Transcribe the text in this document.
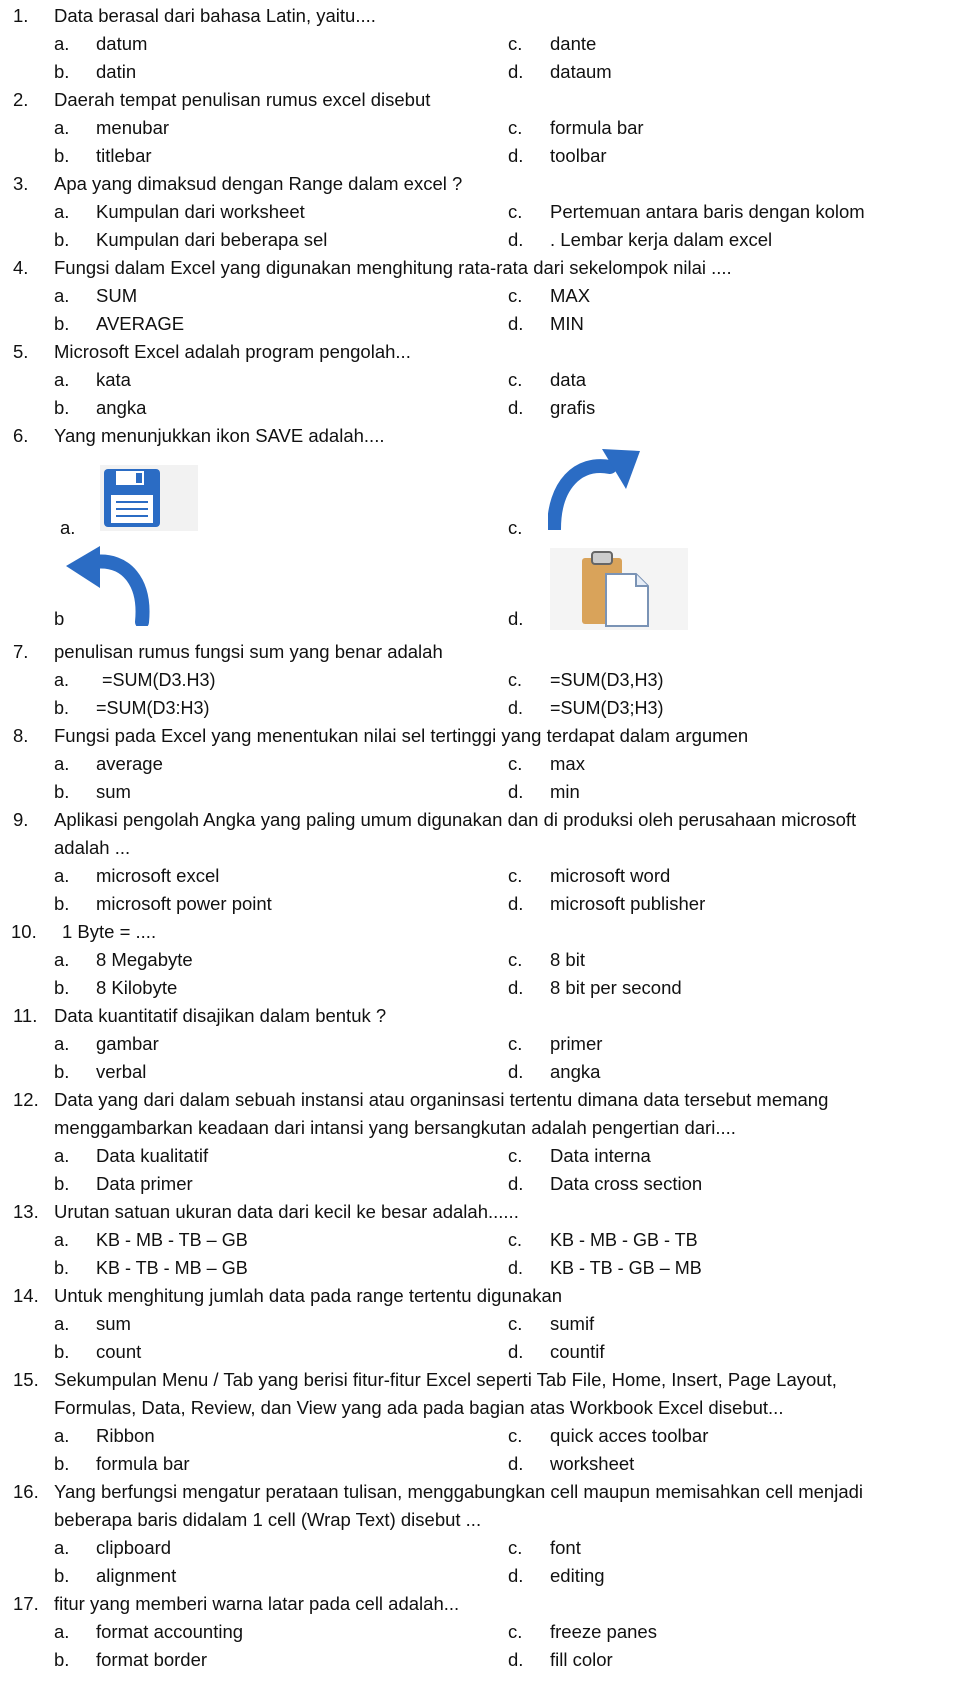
1. Data berasal dari bahasa Latin, yaitu....
a. datum	c. dante
b. datin	d. dataum
2. Daerah tempat penulisan rumus excel disebut
a. menubar	c. formula bar
b. titlebar	d. toolbar
3. Apa yang dimaksud dengan Range dalam excel ?
a. Kumpulan dari worksheet	c. Pertemuan antara baris dengan kolom
b. Kumpulan dari beberapa sel	d. . Lembar kerja dalam excel
4. Fungsi dalam Excel yang digunakan menghitung rata-rata dari sekelompok nilai ....
a. SUM	c. MAX
b. AVERAGE	d. MIN
5. Microsoft Excel adalah program pengolah...
a. kata	c. data
b. angka	d. grafis
6. Yang menunjukkan ikon SAVE adalah....
a.	c.
b	d.
7. penulisan rumus fungsi sum yang benar adalah
a. =SUM(D3.H3)	c. =SUM(D3,H3)
b. =SUM(D3:H3)	d. =SUM(D3;H3)
8. Fungsi pada Excel yang menentukan nilai sel tertinggi yang terdapat dalam argumen
a. average	c. max
b. sum	d. min
9. Aplikasi pengolah Angka yang paling umum digunakan dan di produksi oleh perusahaan microsoft
adalah ...
a. microsoft excel	c. microsoft word
b. microsoft power point	d. microsoft publisher
10. 1 Byte = ....
a. 8 Megabyte	c. 8 bit
b. 8 Kilobyte	d. 8 bit per second
11. Data kuantitatif disajikan dalam bentuk ?
a. gambar	c. primer
b. verbal	d. angka
12. Data yang dari dalam sebuah instansi atau organinsasi tertentu dimana data tersebut memang
menggambarkan keadaan dari intansi yang bersangkutan adalah pengertian dari....
a. Data kualitatif	c. Data interna
b. Data primer	d. Data cross section
13. Urutan satuan ukuran data dari kecil ke besar adalah......
a. KB - MB - TB – GB	c. KB - MB - GB - TB
b. KB - TB - MB – GB	d. KB - TB - GB – MB
14. Untuk menghitung jumlah data pada range tertentu digunakan
a. sum	c. sumif
b. count	d. countif
15. Sekumpulan Menu / Tab yang berisi fitur-fitur Excel seperti Tab File, Home, Insert, Page Layout,
Formulas, Data, Review, dan View yang ada pada bagian atas Workbook Excel disebut...
a. Ribbon	c. quick acces toolbar
b. formula bar	d. worksheet
16. Yang berfungsi mengatur perataan tulisan, menggabungkan cell maupun memisahkan cell menjadi
beberapa baris didalam 1 cell (Wrap Text) disebut ...
a. clipboard	c. font
b. alignment	d. editing
17. fitur yang memberi warna latar pada cell adalah...
a. format accounting	c. freeze panes
b. format border	d. fill color
